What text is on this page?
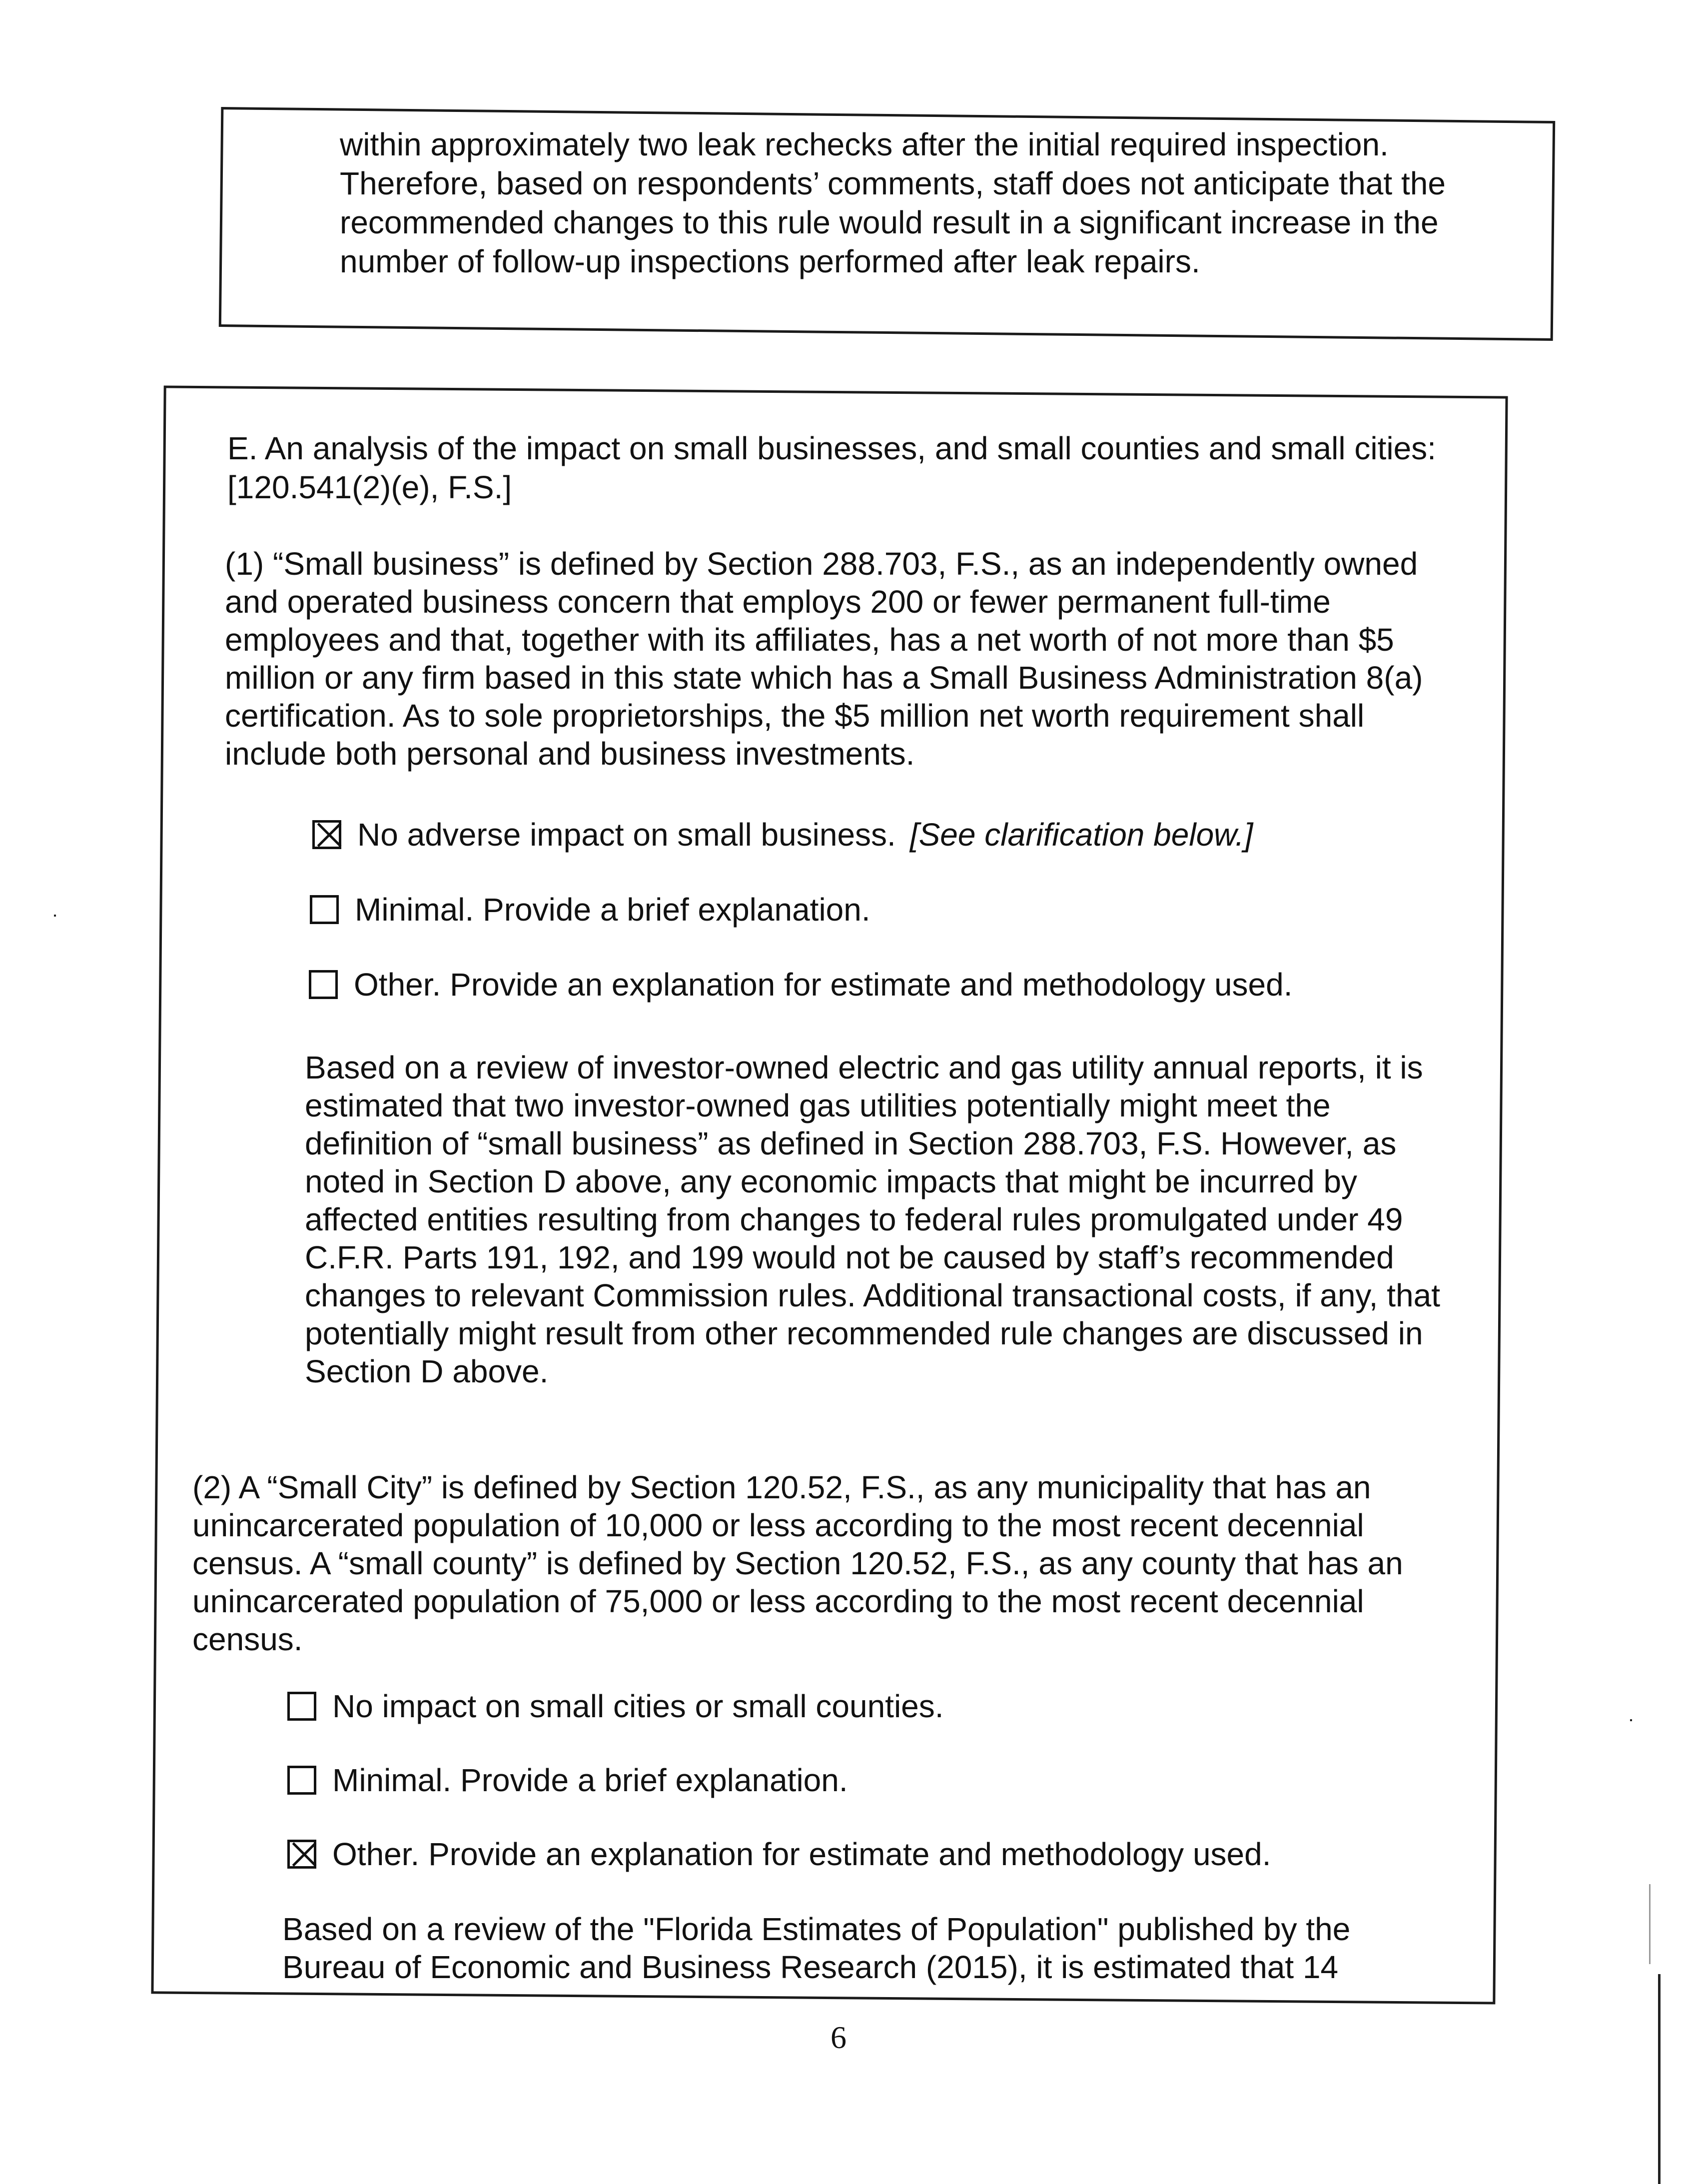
within approximately two leak rechecks after the initial required inspection.

Therefore, based on respondents’ comments, staff does not anticipate that the

recommended changes to this rule would result in a significant increase in the

number of follow-up inspections performed after leak repairs.

E. An analysis of the impact on small businesses, and small counties and small cities:

[120.541(2)(e), F.S.]

(1) “Small business” is defined by Section 288.703, F.S., as an independently owned

and operated business concern that employs 200 or fewer permanent full-time

employees and that, together with its affiliates, has a net worth of not more than $5

million or any firm based in this state which has a Small Business Administration 8(a)

certification. As to sole proprietorships, the $5 million net worth requirement shall

include both personal and business investments.

No adverse impact on small business. [See clarification below.]
Minimal. Provide a brief explanation.
Other. Provide an explanation for estimate and methodology used.

Based on a review of investor-owned electric and gas utility annual reports, it is

estimated that two investor-owned gas utilities potentially might meet the

definition of “small business” as defined in Section 288.703, F.S. However, as

noted in Section D above, any economic impacts that might be incurred by

affected entities resulting from changes to federal rules promulgated under 49

C.F.R. Parts 191, 192, and 199 would not be caused by staff’s recommended

changes to relevant Commission rules. Additional transactional costs, if any, that

potentially might result from other recommended rule changes are discussed in

Section D above.

(2) A “Small City” is defined by Section 120.52, F.S., as any municipality that has an

unincarcerated population of 10,000 or less according to the most recent decennial

census. A “small county” is defined by Section 120.52, F.S., as any county that has an

unincarcerated population of 75,000 or less according to the most recent decennial

census.

No impact on small cities or small counties.
Minimal. Provide a brief explanation.
Other. Provide an explanation for estimate and methodology used.

Based on a review of the "Florida Estimates of Population" published by the

Bureau of Economic and Business Research (2015), it is estimated that 14

6
